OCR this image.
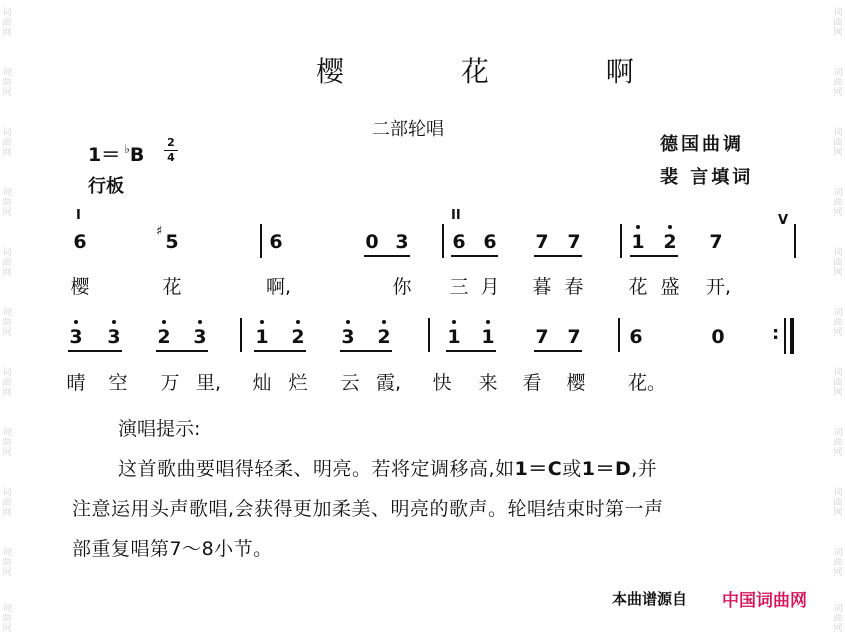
词
曲
网
词
曲
网
词
曲
网
词
曲
网
词
曲
网
词
曲
网
词
曲
网
词
曲
网
词
曲
网
词
曲
网
词
曲
网
词
曲
网
词
曲
网
词
曲
网
词
曲
网
词
曲
网
词
曲
网
词
曲
网
词
曲
网
词
曲
网
词
曲
网
词
曲
网
樱 花 啊
二部轮唱
德国曲调
裴 言填词
1＝ ♭B
2
4
行板
I	II
6	♯ 5	6	0 3 6 6 7 7	1 2 7
V
樱	花	啊,	你 三 月 暮 春 花 盛 开,
3 3 2 3	1 2 3 2	1 1 7 7	6	0	:
晴 空 万 里,	灿 烂 云 霞,	快 来 看 樱 花。
演唱提示:
这首歌曲要唱得轻柔、明亮。若将定调移高,如1＝C或1＝D,并
注意运用头声歌唱,会获得更加柔美、明亮的歌声。轮唱结束时第一声
部重复唱第7～8小节。
本曲谱源自 中国词曲网
